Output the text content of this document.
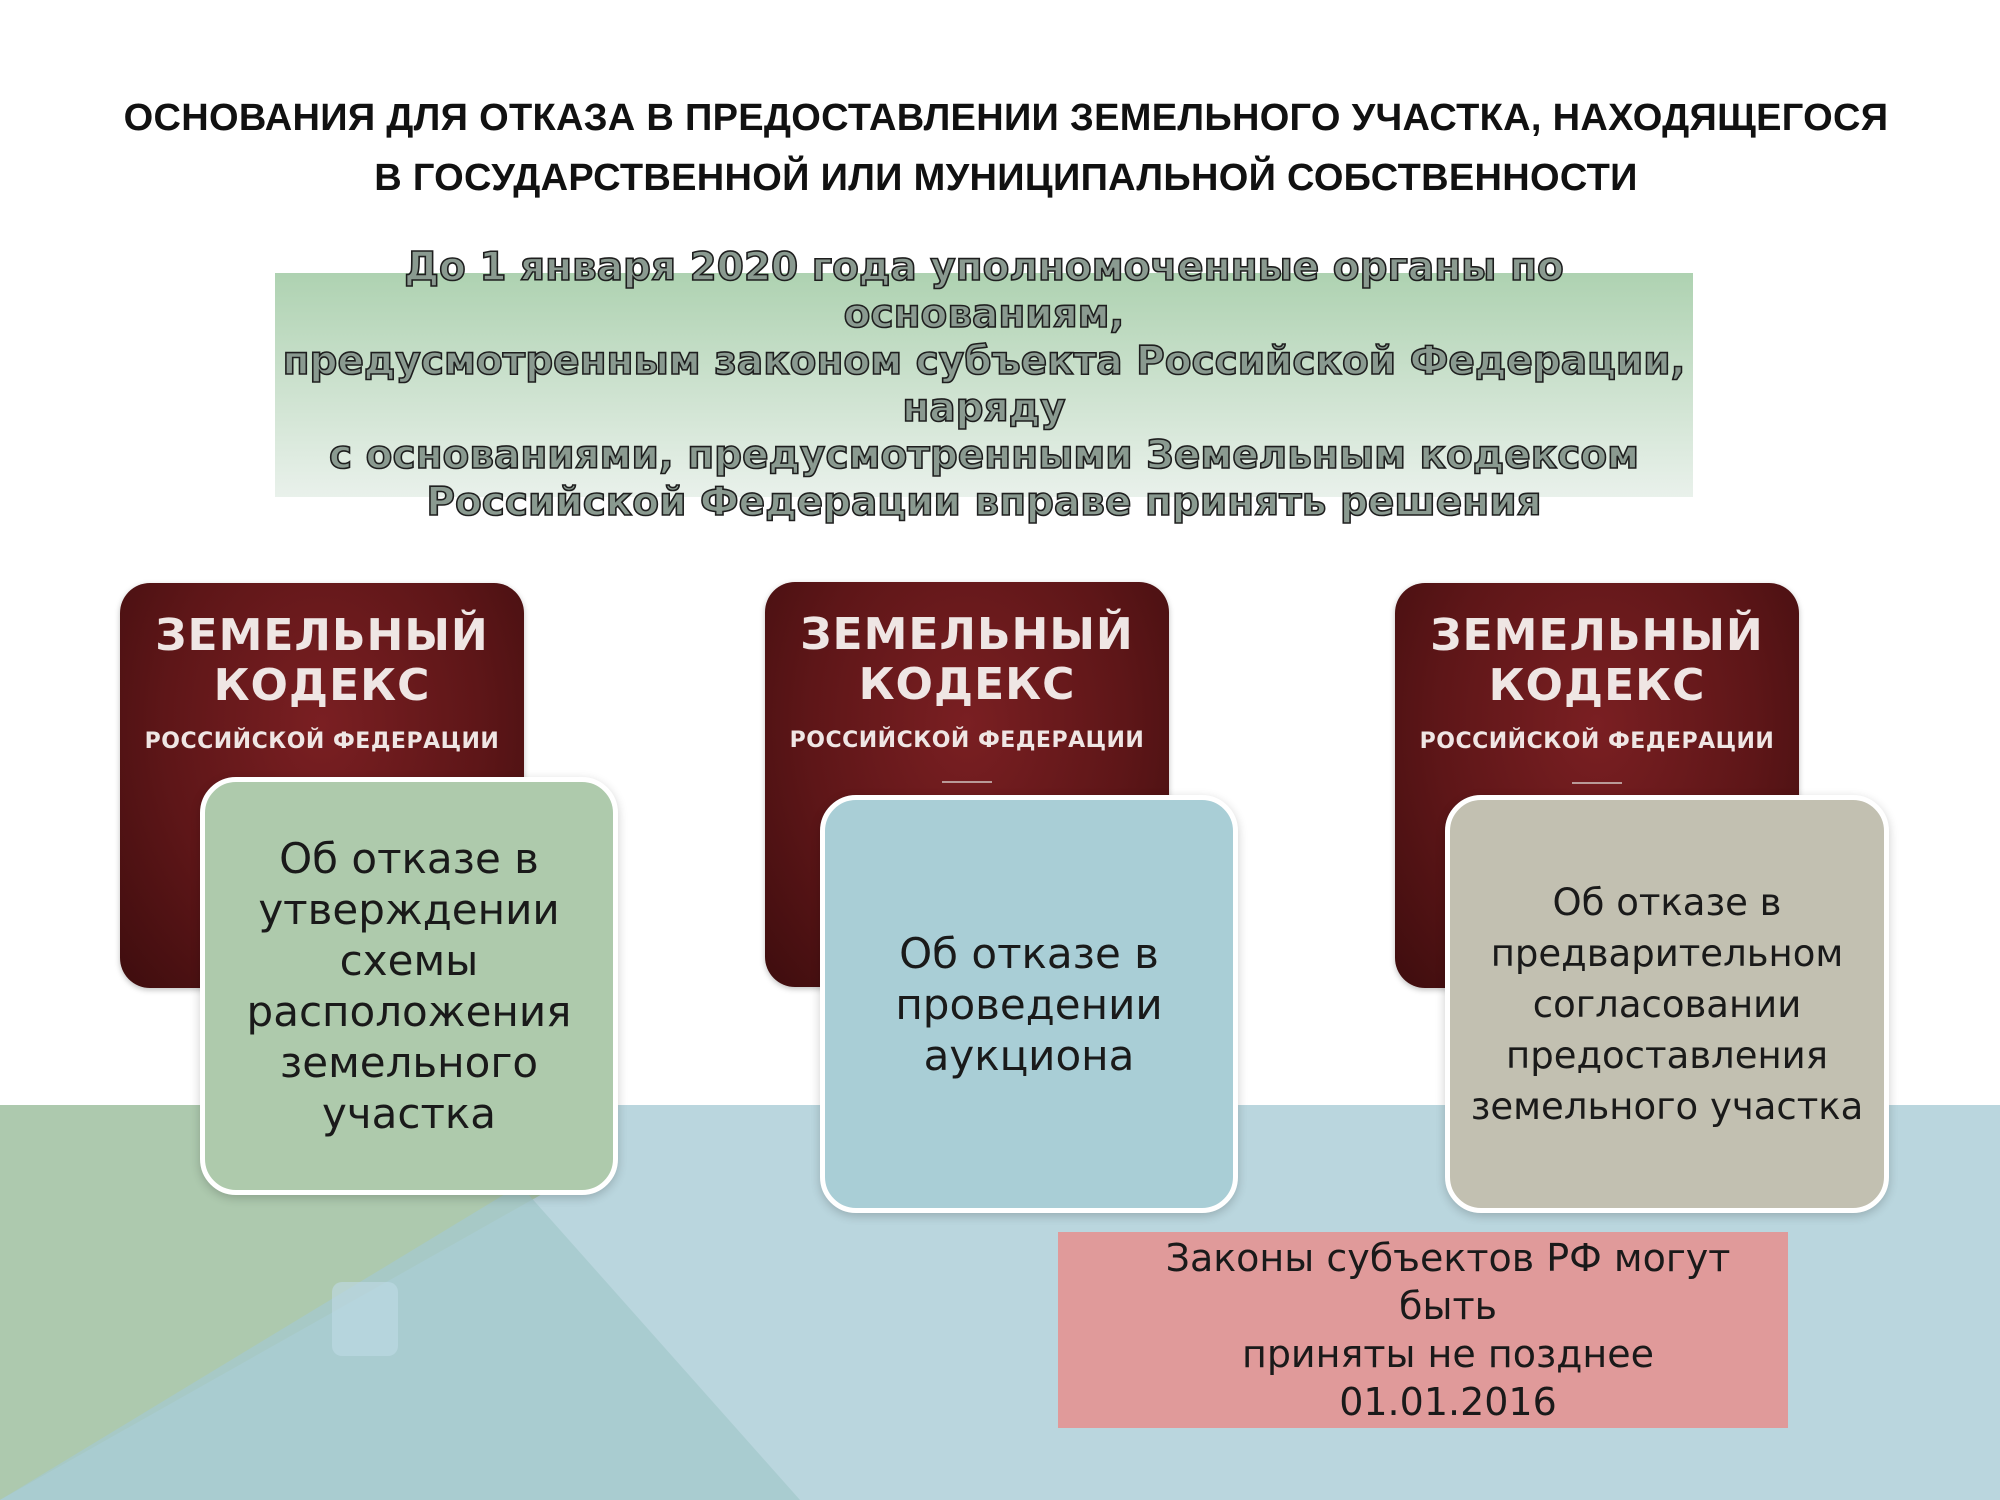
ОСНОВАНИЯ ДЛЯ ОТКАЗА В ПРЕДОСТАВЛЕНИИ ЗЕМЕЛЬНОГО УЧАСТКА, НАХОДЯЩЕГОСЯ
В ГОСУДАРСТВЕННОЙ ИЛИ МУНИЦИПАЛЬНОЙ СОБСТВЕННОСТИ
До 1 января 2020 года уполномоченные органы по основаниям,
предусмотренным законом субъекта Российской Федерации, наряду
с основаниями, предусмотренными Земельным кодексом
Российской Федерации вправе принять решения
ЗЕМЕЛЬНЫЙ
КОДЕКС
РОССИЙСКОЙ ФЕДЕРАЦИИ
ЗЕМЕЛЬНЫЙ
КОДЕКС
РОССИЙСКОЙ ФЕДЕРАЦИИ
ЗЕМЕЛЬНЫЙ
КОДЕКС
РОССИЙСКОЙ ФЕДЕРАЦИИ
Об отказе в
утверждении
схемы
расположения
земельного
участка
Об отказе в
проведении
аукциона
Об отказе в
предварительном
согласовании
предоставления
земельного участка
Законы субъектов РФ могут быть
приняты не позднее 01.01.2016
